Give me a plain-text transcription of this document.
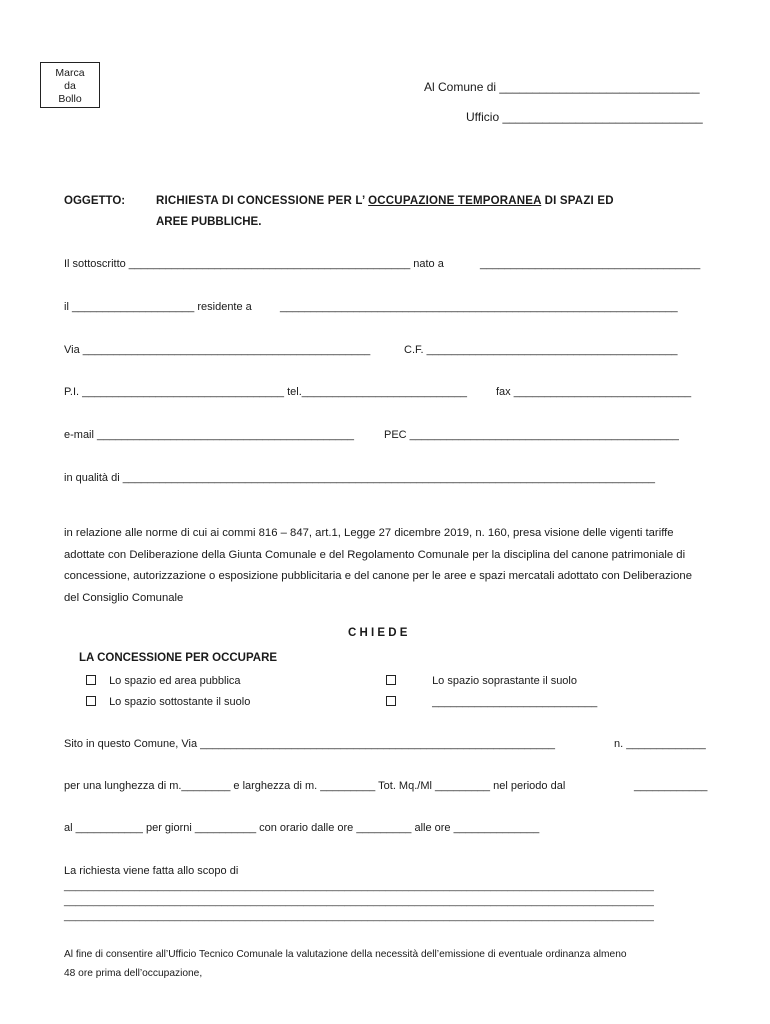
Marca
da
Bollo
Al Comune di ______________________________
Ufficio ______________________________
OGGETTO:	RICHIESTA DI CONCESSIONE PER L’ OCCUPAZIONE TEMPORANEA DI SPAZI ED
AREE PUBBLICHE.
Il sottoscritto ______________________________________________ nato a	____________________________________
il ____________________ residente a	_________________________________________________________________
Via _______________________________________________	C.F. _________________________________________
P.I. _________________________________ tel.___________________________	fax _____________________________
e-mail __________________________________________	PEC ____________________________________________
in qualità di _______________________________________________________________________________________
in relazione alle norme di cui ai commi 816 – 847, art.1, Legge 27 dicembre 2019, n. 160, presa visione delle vigenti tariffe adottate con Deliberazione della Giunta Comunale e del Regolamento Comunale per la disciplina del canone patrimoniale di concessione, autorizzazione o esposizione pubblicitaria e del canone per le aree e spazi mercatali adottato con Deliberazione del Consiglio Comunale
C H I E D E
LA CONCESSIONE PER OCCUPARE
Lo spazio ed area pubblica	Lo spazio soprastante il suolo
Lo spazio sottostante il suolo	___________________________
Sito in questo Comune, Via __________________________________________________________	n. _____________
per una lunghezza di m.________ e larghezza di m. _________ Tot. Mq./Ml _________ nel periodo dal	____________
al ___________ per giorni __________ con orario dalle ore _________ alle ore ______________
La richiesta viene fatta allo scopo di
_____________________________________________________________________________________________________
_____________________________________________________________________________________________________
_____________________________________________________________________________________________________
Al fine di consentire all’Ufficio Tecnico Comunale la valutazione della necessità dell’emissione di eventuale ordinanza almeno
48 ore prima dell’occupazione,
